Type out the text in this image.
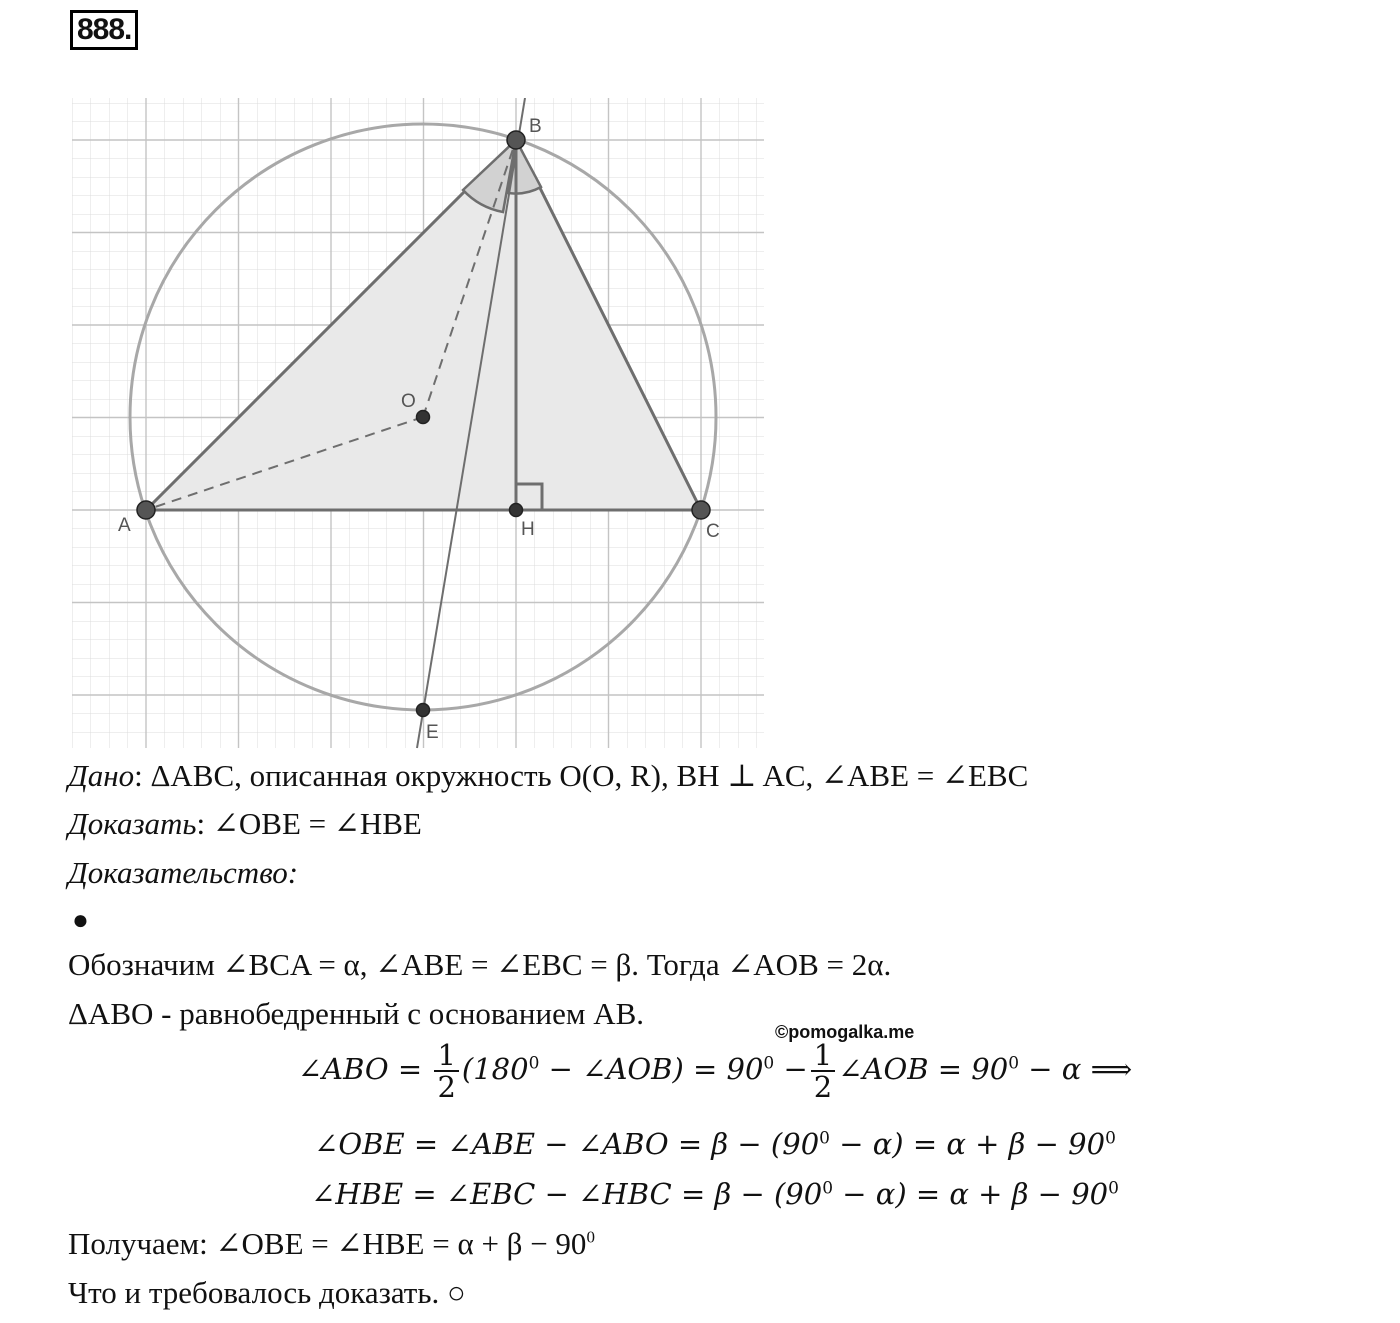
888.
A
B
C
O
H
E
Дано: ΔABC, описанная окружность O(O, R), BH ⊥ AC, ∠ABE = ∠EBC
Доказать: ∠OBE = ∠HBE
Доказательство:
●
Обозначим ∠BCA = α, ∠ABE = ∠EBC = β. Тогда ∠AOB = 2α.
ΔABO - равнобедренный с основанием AB.
©pomogalka.me
∠ABO = $\frac{1}{2} (180^0$ − ∠AOB) = $90^0 - \frac{1}{2}$ ∠AOB = $90^0 - \alpha$ ⟹
∠OBE = ∠ABE − ∠ABO = $\beta - (90^0 - \alpha) = \alpha + \beta - 90^0$
∠HBE = ∠EBC − ∠HBC = $\beta - (90^0 - \alpha) = \alpha + \beta - 90^0$
Получаем: ∠OBE = ∠HBE = $\alpha + \beta - 90^0$
Что и требовалось доказать. ○
